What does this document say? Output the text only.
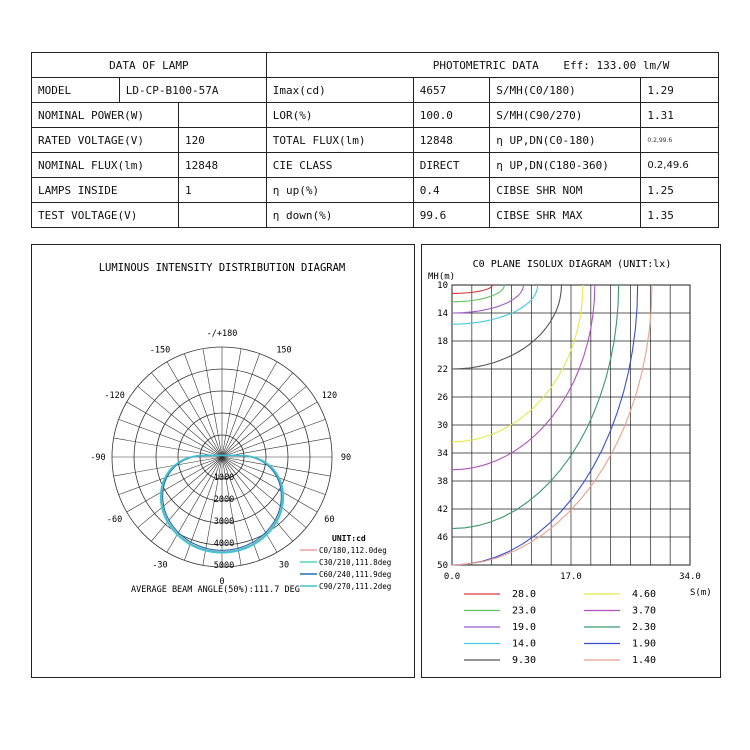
DATA OF LAMP			PHOTOMETRIC DATA Eff: 133.00 lm/W			
MODEL	LD-CP-B100-57A		Imax(cd)	4657	S/MH(C0/180)	1.29
NOMINAL POWER(W)			LOR(%)	100.0	S/MH(C90/270)	1.31
RATED VOLTAGE(V)		120	TOTAL FLUX(lm)	12848	η UP,DN(C0-180)	0.2,99.6
NOMINAL FLUX(lm)		12848	CIE CLASS	DIRECT	η UP,DN(C180-360)	0.2,49.6
LAMPS INSIDE		1	η up(%)	0.4	CIBSE SHR NOM	1.25
TEST VOLTAGE(V)			η down(%)	99.6	CIBSE SHR MAX	1.35
LUMINOUS INTENSITY DISTRIBUTION DIAGRAM
-/+180
150
-150
120
-120
90
-90
60
-60
30
-30
0
1000
2000
3000
4000
5000
UNIT:cd
C0/180,112.0deg
C30/210,111.8deg
C60/240,111.9deg
C90/270,111.2deg
AVERAGE BEAM ANGLE(50%):111.7 DEG
C0 PLANE ISOLUX DIAGRAM (UNIT:lx)
MH(m)
10
14
18
22
26
30
34
38
42
46
50
0.0	17.0	34.0
S(m)
28.0
23.0
19.0
14.0
9.30
4.60
3.70
2.30
1.90
1.40
